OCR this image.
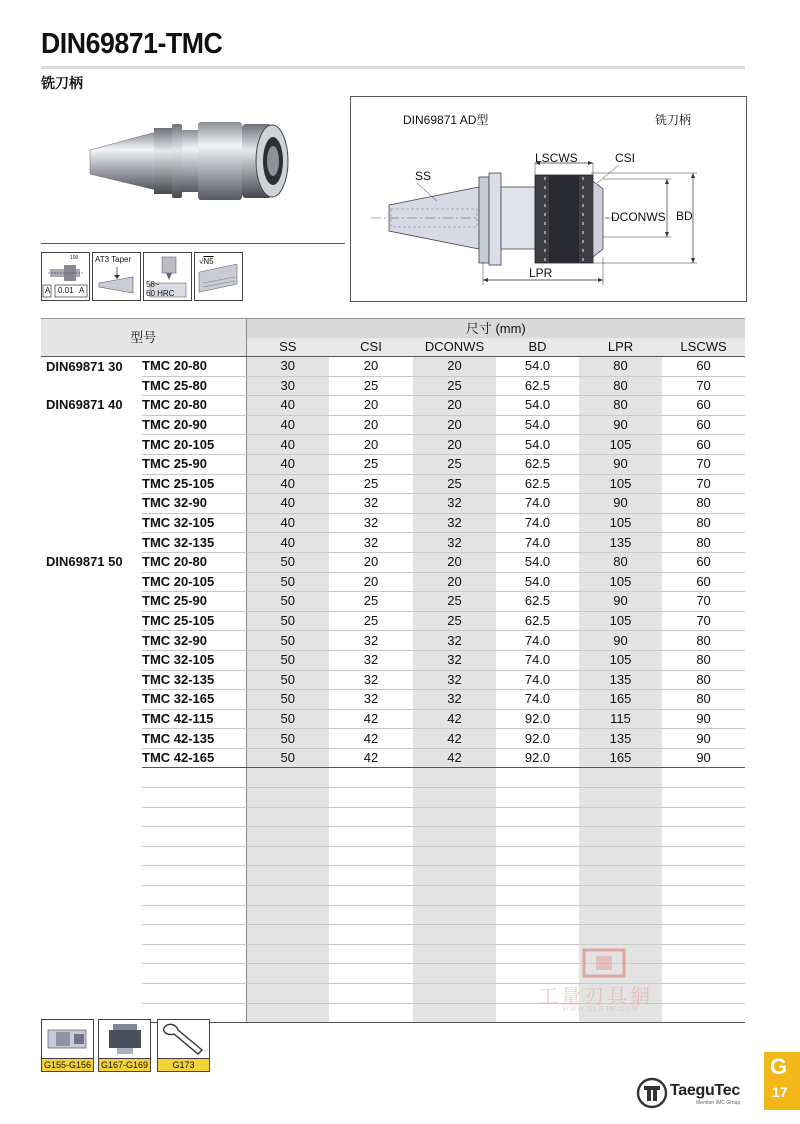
DIN69871-TMC
铣刀柄
A 0.01 A
100 AT3 Taper
58~
60 HRC
√N5
DIN69871 AD型	铣刀柄
SS
LSCWS	CSI
DCONWS BD
LPR
型号		尺寸 (mm)					
		SS	CSI	DCONWS	BD	LPR	LSCWS
DIN69871 30	TMC 20-80	30	20	20	54.0	80	60
	TMC 25-80	30	25	25	62.5	80	70
DIN69871 40	TMC 20-80	40	20	20	54.0	80	60
	TMC 20-90	40	20	20	54.0	90	60
	TMC 20-105	40	20	20	54.0	105	60
	TMC 25-90	40	25	25	62.5	90	70
	TMC 25-105	40	25	25	62.5	105	70
	TMC 32-90	40	32	32	74.0	90	80
	TMC 32-105	40	32	32	74.0	105	80
	TMC 32-135	40	32	32	74.0	135	80
DIN69871 50	TMC 20-80	50	20	20	54.0	80	60
	TMC 20-105	50	20	20	54.0	105	60
	TMC 25-90	50	25	25	62.5	90	70
	TMC 25-105	50	25	25	62.5	105	70
	TMC 32-90	50	32	32	74.0	90	80
	TMC 32-105	50	32	32	74.0	105	80
	TMC 32-135	50	32	32	74.0	135	80
	TMC 32-165	50	32	32	74.0	165	80
	TMC 42-115	50	42	42	92.0	115	90
	TMC 42-135	50	42	42	92.0	135	90
	TMC 42-165	50	42	42	92.0	165	90

G155-G156 G167-G169	G173
工量刃具網
WWW.GLRJW.COM
TaeguTec
Member IMC Group
G
17
